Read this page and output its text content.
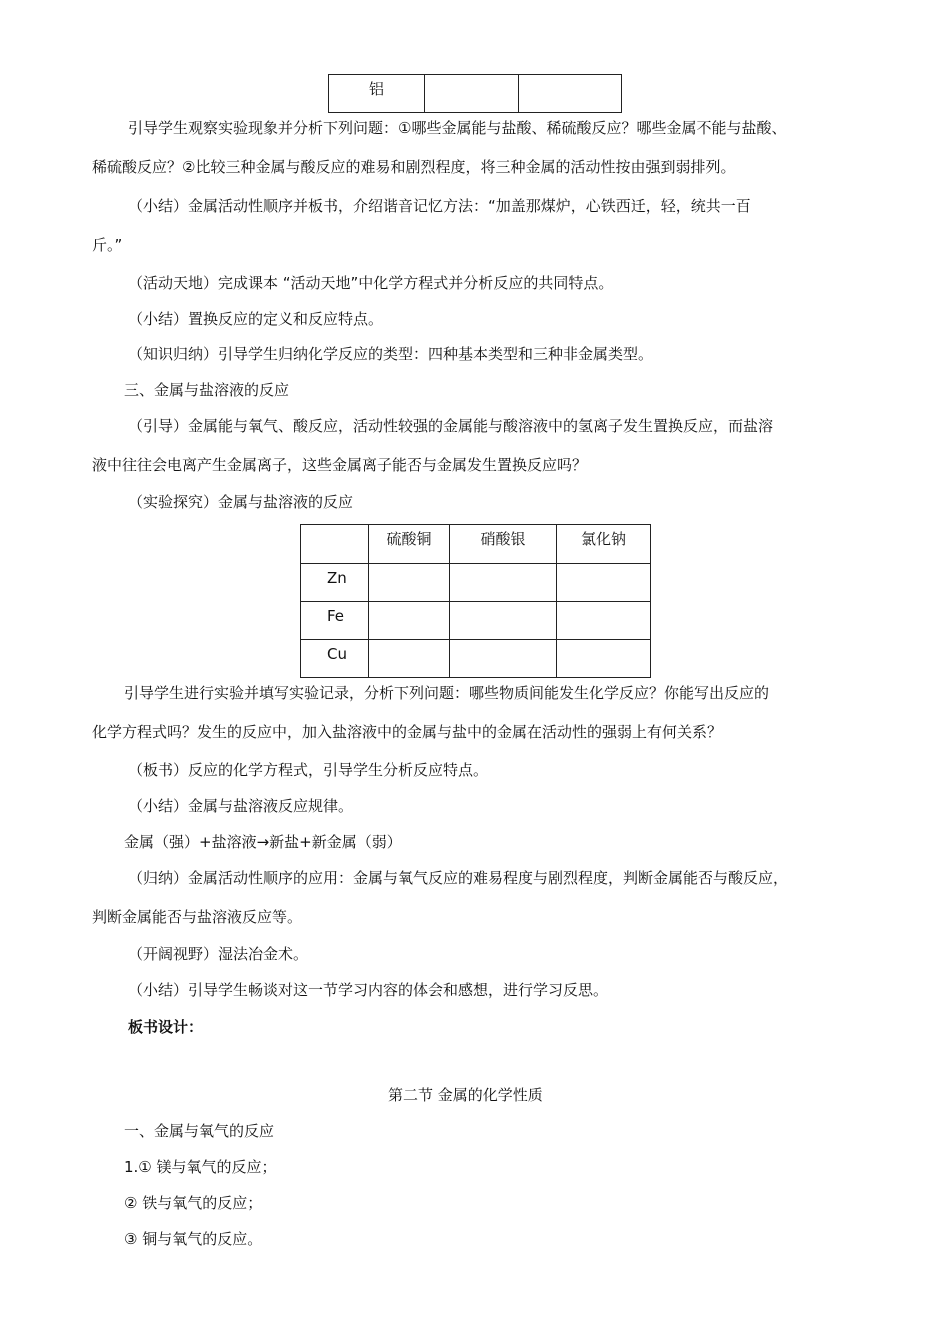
铝		
引导学生观察实验现象并分析下列问题：①哪些金属能与盐酸、稀硫酸反应？哪些金属不能与盐酸、
稀硫酸反应？②比较三种金属与酸反应的难易和剧烈程度，将三种金属的活动性按由强到弱排列。
（小结）金属活动性顺序并板书，介绍谐音记忆方法：“加盖那煤炉，心铁西迁，轻，统共一百
斤。”
（活动天地）完成课本 “活动天地”中化学方程式并分析反应的共同特点。
（小结）置换反应的定义和反应特点。
（知识归纳）引导学生归纳化学反应的类型：四种基本类型和三种非金属类型。
三、金属与盐溶液的反应
（引导）金属能与氧气、酸反应，活动性较强的金属能与酸溶液中的氢离子发生置换反应，而盐溶
液中往往会电离产生金属离子，这些金属离子能否与金属发生置换反应吗？
（实验探究）金属与盐溶液的反应
	硫酸铜	硝酸银	氯化钠
Zn			
Fe			
Cu			
引导学生进行实验并填写实验记录，分析下列问题：哪些物质间能发生化学反应？你能写出反应的
化学方程式吗？发生的反应中，加入盐溶液中的金属与盐中的金属在活动性的强弱上有何关系？
（板书）反应的化学方程式，引导学生分析反应特点。
（小结）金属与盐溶液反应规律。
金属（强）+盐溶液→新盐+新金属（弱）
（归纳）金属活动性顺序的应用：金属与氧气反应的难易程度与剧烈程度，判断金属能否与酸反应，
判断金属能否与盐溶液反应等。
（开阔视野）湿法冶金术。
（小结）引导学生畅谈对这一节学习内容的体会和感想，进行学习反思。
板书设计：
第二节 金属的化学性质
一、金属与氧气的反应
1.① 镁与氧气的反应；
② 铁与氧气的反应；
③ 铜与氧气的反应。
